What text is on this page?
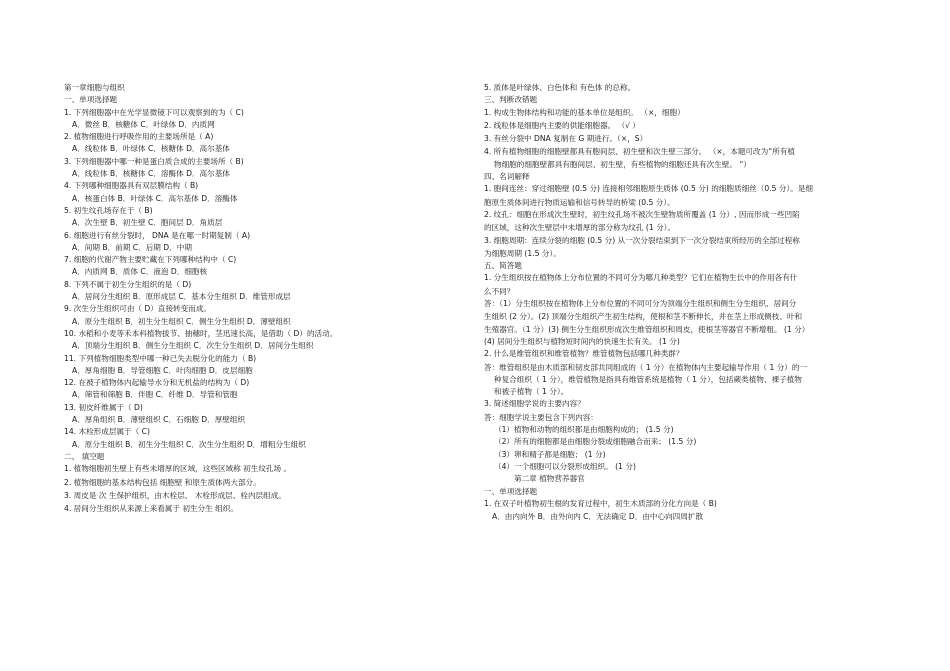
第一章细胞与组织
一、单项选择题
1. 下列细胞器中在光学显微镜下可以观察到的为（ C)
A．微丝 B．核糖体 C．叶绿体 D．内质网
2. 植物细胞进行呼吸作用的主要场所是（ A)
A．线粒体 B．叶绿体 C．核糖体 D．高尔基体
3. 下列细胞器中哪一种是蛋白质合成的主要场所（ B)
A．线粒体 B．核糖体 C．溶酶体 D．高尔基体
4. 下列哪种细胞器具有双层膜结构（ B)
A．核蛋白体 B．叶绿体 C．高尔基体 D．溶酶体
5. 初生纹孔场存在于（ B)
A．次生壁 B．初生壁 C．胞间层 D．角质层
6. 细胞进行有丝分裂时， DNA 是在哪一时期复制（ A)
A．间期 B．前期 C．后期 D．中期
7. 细胞的代谢产物主要贮藏在下列哪种结构中（ C)
A．内质网 B．质体 C．液泡 D．细胞核
8. 下列不属于初生分生组织的是（ D)
A．居间分生组织 B．原形成层 C．基本分生组织 D．维管形成层
9. 次生分生组织可由（ D）直接转变而成。
A．原分生组织 B．初生分生组织 C．侧生分生组织 D．薄壁组织
10. 水稻和小麦等禾本科植物拔节、抽穗时，茎迅速长高，是借助（ D）的活动。
A．顶端分生组织 B．侧生分生组织 C．次生分生组织 D．居间分生组织
11. 下列植物细胞类型中哪一种已失去脱分化的能力（ B)
A．厚角细胞 B．导管细胞 C．叶肉细胞 D．皮层细胞
12. 在被子植物体内起输导水分和无机盐的结构为（ D)
A．筛管和筛胞 B．伴胞 C．纤维 D．导管和管胞
13. 韧皮纤维属于（ D)
A．厚角组织 B．薄壁组织 C．石细胞 D．厚壁组织
14. 木栓形成层属于（ C)
A．原分生组织 B．初生分生组织 C．次生分生组织 D．增粗分生组织
二、 填空题
1. 植物细胞初生壁上有些未增厚的区域，这些区域称 初生纹孔场 。
2. 植物细胞的基本结构包括 细胞壁 和原生质体两大部分。
3. 周皮是 次 生保护组织，由木栓层、 木栓形成层、栓内层组成。
4. 居间分生组织从来源上来看属于 初生分生 组织。
5. 质体是叶绿体、白色体和 有色体 的总称。
三、判断改错题
1. 构成生物体结构和功能的基本单位是组织。 （×，细胞）
2. 线粒体是细胞内主要的供能细胞器。 （√ ）
3. 有丝分裂中 DNA 复制在 G 期进行。（×，S）
4. 所有植物细胞的细胞壁都具有胞间层、初生壁和次生壁三部分。 （×，本题可改为“所有植
物细胞的细胞壁都具有胞间层、初生壁，有些植物的细胞还具有次生壁。 “）
四、名词解释
1. 胞间连丝：穿过细胞壁 (0.5 分) 连接相邻细胞原生质体 (0.5 分) 的细胞质细丝（0.5 分）。是细
胞原生质体间进行物质运输和信号转导的桥梁 (0.5 分）。
2. 纹孔：细胞在形成次生壁时，初生纹孔场不被次生壁物质所覆盖 (1 分）, 因而形成一些凹陷
的区域，这种次生壁层中未增厚的部分称为纹孔 (1 分）。
3. 细胞周期：连续分裂的细胞 (0.5 分) 从一次分裂结束到下一次分裂结束所经历的全部过程称
为细胞周期 (1.5 分）。
五、简答题
1. 分生组织按在植物体上分布位置的不同可分为哪几种类型？它们在植物生长中的作用各有什
么不同？
答：（1）分生组织按在植物体上分布位置的不同可分为顶端分生组织和侧生分生组织、居间分
生组织 (2 分）。(2) 顶端分生组织产生初生结构，使根和茎不断伸长，并在茎上形成侧枝、叶和
生殖器官。（1 分）(3) 侧生分生组织形成次生维管组织和周皮，使根茎等器官不断增粗。 (1 分）
(4) 居间分生组织与植物短时间内的快速生长有关。 (1 分)
2. 什么是维管组织和维管植物？维管植物包括哪几种类群？
答：维管组织是由木质部和韧皮部共同组成的（ 1 分）在植物体内主要起输导作用（ 1 分）的一
种复合组织（ 1 分），维管植物是指具有维管系统是植物（ 1 分），包括蕨类植物、裸子植物
和被子植物（ 1 分）。
3. 简述细胞学说的主要内容？
答：细胞学说主要包含下列内容：
（1）植物和动物的组织都是由细胞构成的； (1.5 分)
（2）所有的细胞都是由细胞分裂或细胞融合而来； (1.5 分)
（3）卵和精子都是细胞； (1 分)
（4）一个细胞可以分裂形成组织。 (1 分)
第二章 植物营养器官
一、单项选择题
1. 在双子叶植物初生根的发育过程中，初生木质部的分化方向是（ B)
A．由内向外 B．由外向内 C．无法确定 D．由中心向四周扩散
